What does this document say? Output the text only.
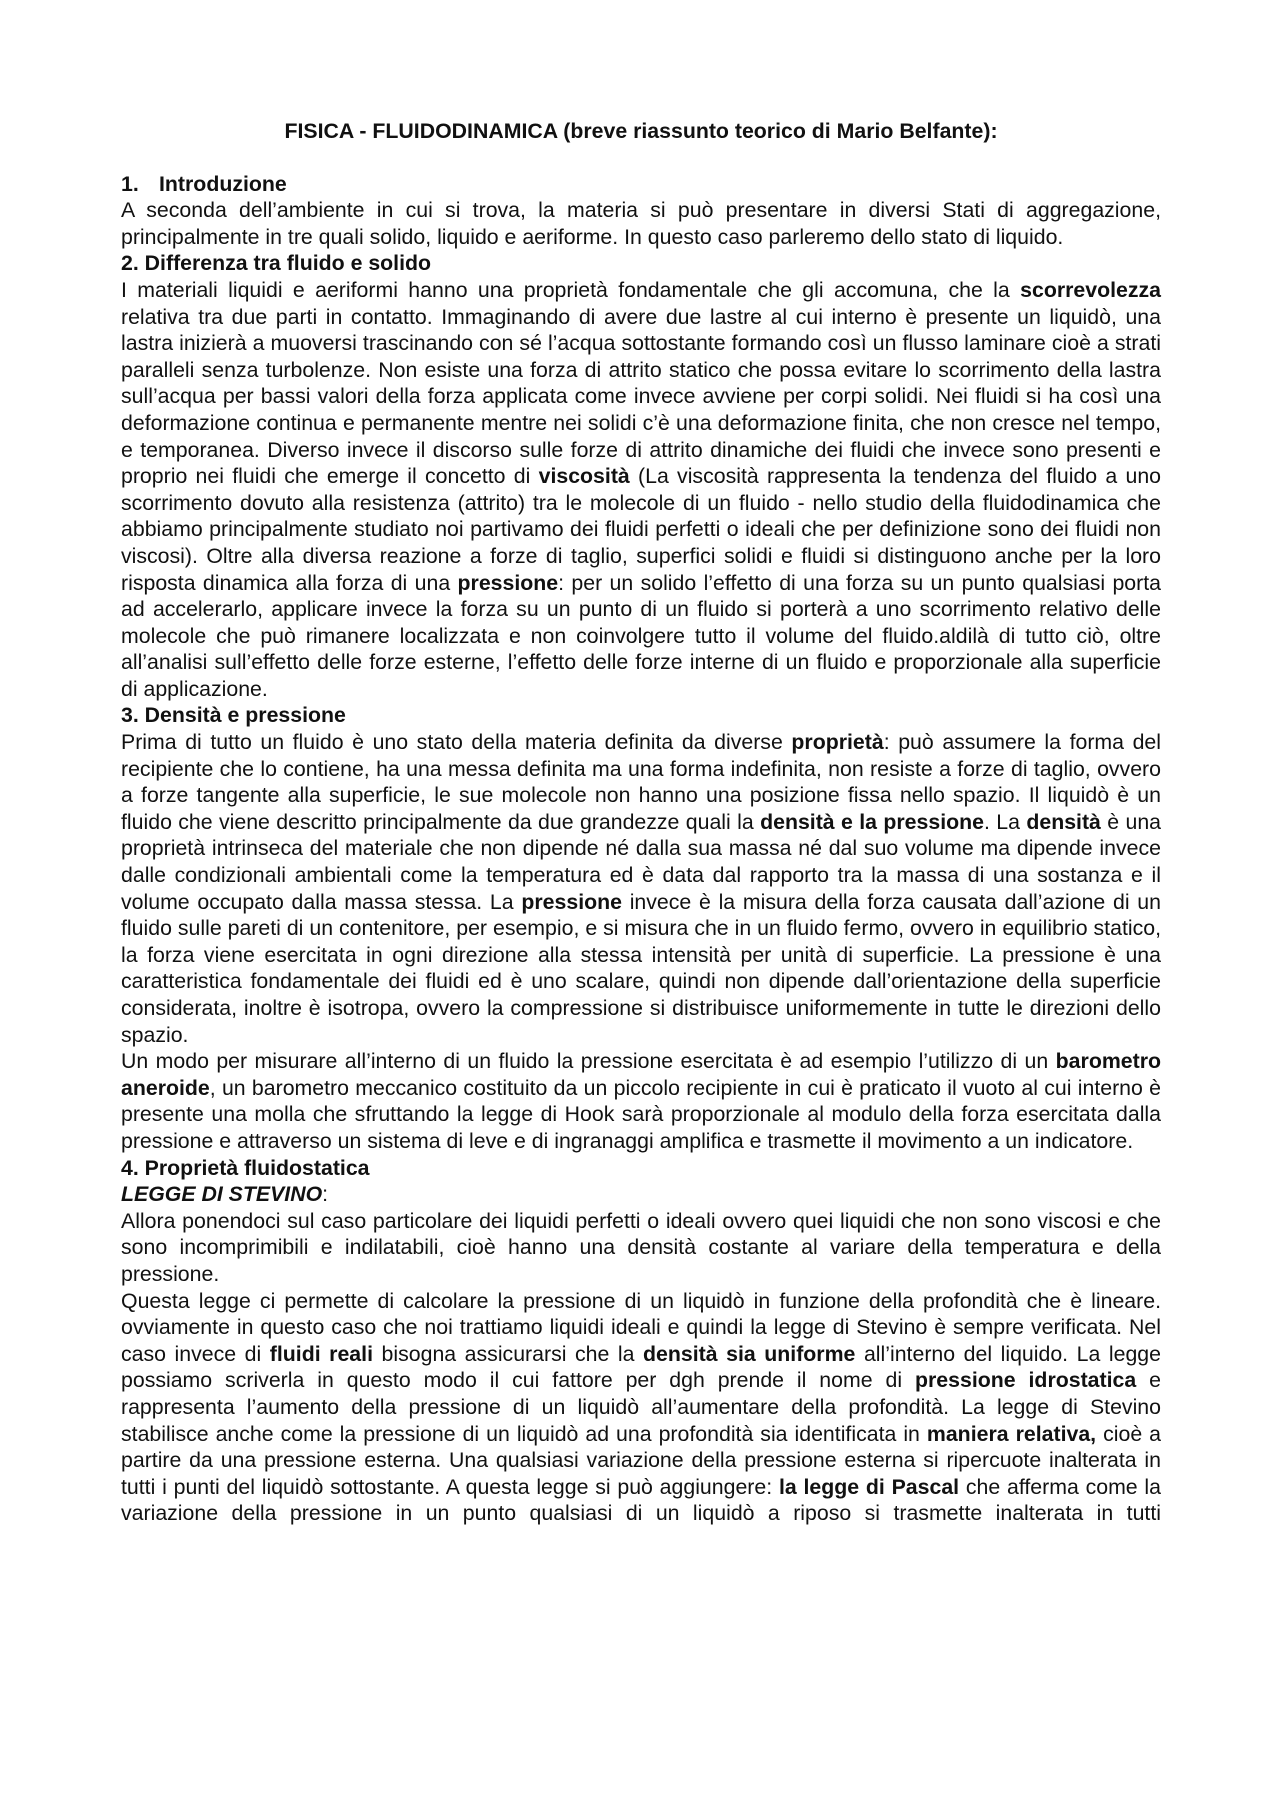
FISICA - FLUIDODINAMICA (breve riassunto teorico di Mario Belfante):
1. Introduzione

A seconda dell’ambiente in cui si trova, la materia si può presentare in diversi Stati di aggregazione, principalmente in tre quali solido, liquido e aeriforme. In questo caso parleremo dello stato di liquido.

2. Differenza tra fluido e solido

I materiali liquidi e aeriformi hanno una proprietà fondamentale che gli accomuna, che la scorrevolezza relativa tra due parti in contatto. Immaginando di avere due lastre al cui interno è presente un liquidò, una lastra inizierà a muoversi trascinando con sé l’acqua sottostante formando così un flusso laminare cioè a strati paralleli senza turbolenze. Non esiste una forza di attrito statico che possa evitare lo scorrimento della lastra sull’acqua per bassi valori della forza applicata come invece avviene per corpi solidi. Nei fluidi si ha così una deformazione continua e permanente mentre nei solidi c’è una deformazione finita, che non cresce nel tempo, e temporanea. Diverso invece il discorso sulle forze di attrito dinamiche dei fluidi che invece sono presenti e proprio nei fluidi che emerge il concetto di viscosità (La viscosità rappresenta la tendenza del fluido a uno scorrimento dovuto alla resistenza (attrito) tra le molecole di un fluido - nello studio della fluidodinamica che abbiamo principalmente studiato noi partivamo dei fluidi perfetti o ideali che per definizione sono dei fluidi non viscosi). Oltre alla diversa reazione a forze di taglio, superfici solidi e fluidi si distinguono anche per la loro risposta dinamica alla forza di una pressione: per un solido l’effetto di una forza su un punto qualsiasi porta ad accelerarlo, applicare invece la forza su un punto di un fluido si porterà a uno scorrimento relativo delle molecole che può rimanere localizzata e non coinvolgere tutto il volume del fluido.aldilà di tutto ciò, oltre all’analisi sull’effetto delle forze esterne, l’effetto delle forze interne di un fluido e proporzionale alla superficie di applicazione.

3. Densità e pressione

Prima di tutto un fluido è uno stato della materia definita da diverse proprietà: può assumere la forma del recipiente che lo contiene, ha una messa definita ma una forma indefinita, non resiste a forze di taglio, ovvero a forze tangente alla superficie, le sue molecole non hanno una posizione fissa nello spazio. Il liquidò è un fluido che viene descritto principalmente da due grandezze quali la densità e la pressione. La densità è una proprietà intrinseca del materiale che non dipende né dalla sua massa né dal suo volume ma dipende invece dalle condizionali ambientali come la temperatura ed è data dal rapporto tra la massa di una sostanza e il volume occupato dalla massa stessa. La pressione invece è la misura della forza causata dall’azione di un fluido sulle pareti di un contenitore, per esempio, e si misura che in un fluido fermo, ovvero in equilibrio statico, la forza viene esercitata in ogni direzione alla stessa intensità per unità di superficie. La pressione è una caratteristica fondamentale dei fluidi ed è uno scalare, quindi non dipende dall’orientazione della superficie considerata, inoltre è isotropa, ovvero la compressione si distribuisce uniformemente in tutte le direzioni dello spazio.

Un modo per misurare all’interno di un fluido la pressione esercitata è ad esempio l’utilizzo di un barometro aneroide, un barometro meccanico costituito da un piccolo recipiente in cui è praticato il vuoto al cui interno è presente una molla che sfruttando la legge di Hook sarà proporzionale al modulo della forza esercitata dalla pressione e attraverso un sistema di leve e di ingranaggi amplifica e trasmette il movimento a un indicatore.

4. Proprietà fluidostatica
LEGGE DI STEVINO:

Allora ponendoci sul caso particolare dei liquidi perfetti o ideali ovvero quei liquidi che non sono viscosi e che sono incomprimibili e indilatabili, cioè hanno una densità costante al variare della temperatura e della pressione.

Questa legge ci permette di calcolare la pressione di un liquidò in funzione della profondità che è lineare. ovviamente in questo caso che noi trattiamo liquidi ideali e quindi la legge di Stevino è sempre verificata. Nel caso invece di fluidi reali bisogna assicurarsi che la densità sia uniforme all’interno del liquido. La legge possiamo scriverla in questo modo il cui fattore per dgh prende il nome di pressione idrostatica e rappresenta l’aumento della pressione di un liquidò all’aumentare della profondità. La legge di Stevino stabilisce anche come la pressione di un liquidò ad una profondità sia identificata in maniera relativa, cioè a partire da una pressione esterna. Una qualsiasi variazione della pressione esterna si ripercuote inalterata in tutti i punti del liquidò sottostante. A questa legge si può aggiungere: la legge di Pascal che afferma come la variazione della pressione in un punto qualsiasi di un liquidò a riposo si trasmette inalterata in tutti
